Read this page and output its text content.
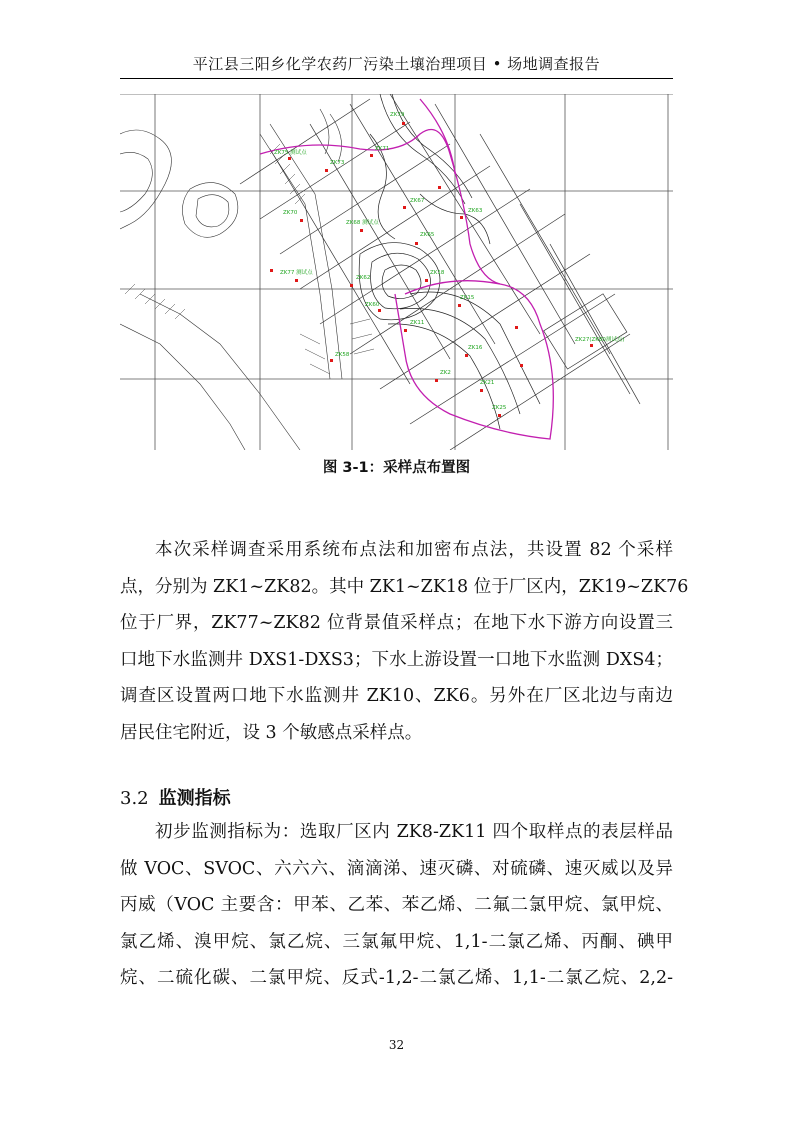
平江县三阳乡化学农药厂污染土壤治理项目 • 场地调查报告
ZK79
ZK75 测试点
ZK73
ZK71
ZK70
ZK68 测试点
ZK67
ZK77 测试点
ZK62
ZK65
ZK63
ZK18
ZK60
ZK15
ZK11
ZK16
ZK2
ZK21
ZK25
ZK27(ZK80测试点)
ZK58
图 3-1：采样点布置图
本次采样调查采用系统布点法和加密布点法，共设置 82 个采样
点，分别为 ZK1~ZK82。其中 ZK1~ZK18 位于厂区内，ZK19~ZK76
位于厂界，ZK77~ZK82 位背景值采样点；在地下水下游方向设置三
口地下水监测井 DXS1-DXS3；下水上游设置一口地下水监测 DXS4；
调查区设置两口地下水监测井 ZK10、ZK6。另外在厂区北边与南边
居民住宅附近，设 3 个敏感点采样点。
3.2 监测指标
初步监测指标为：选取厂区内 ZK8-ZK11 四个取样点的表层样品
做 VOC、SVOC、六六六、滴滴涕、速灭磷、对硫磷、速灭威以及异
丙威（VOC 主要含：甲苯、乙苯、苯乙烯、二氟二氯甲烷、氯甲烷、
氯乙烯、溴甲烷、氯乙烷、三氯氟甲烷、1,1-二氯乙烯、丙酮、碘甲
烷、二硫化碳、二氯甲烷、反式-1,2-二氯乙烯、1,1-二氯乙烷、2,2-
32
